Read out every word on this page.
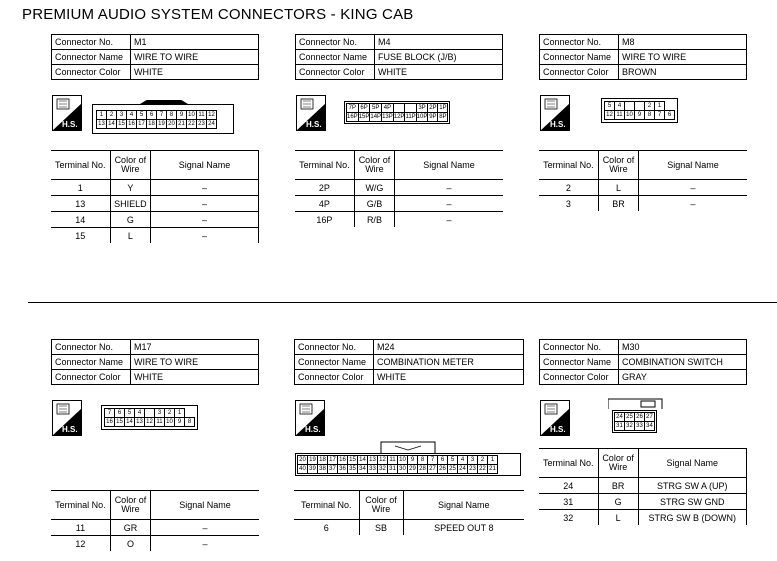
PREMIUM AUDIO SYSTEM CONNECTORS - KING CAB
Connector No.	M1
Connector Name	WIRE TO WIRE
Connector Color	WHITE
H.S.
1	2	3	4	5	6	7	8	9	10	11	12
13	14	15	16	17	18	19	20	21	22	23	24
Terminal No.	Color of Wire	Signal Name
1	Y	–
13	SHIELD	–
14	G	–
15	L	–
Connector No.	M4
Connector Name	FUSE BLOCK (J/B)
Connector Color	WHITE
H.S.
7P	6P	5P	4P			3P	2P	1P
16P	15P	14P	13P	12P	11P	10P	9P	8P
Terminal No.	Color of Wire	Signal Name
2P	W/G	–
4P	G/B	–
16P	R/B	–
Connector No.	M8
Connector Name	WIRE TO WIRE
Connector Color	BROWN
H.S.
5	4			2	1	
12	11	10	9	8	7	6
Terminal No.	Color of Wire	Signal Name
2	L	–
3	BR	–
Connector No.	M17
Connector Name	WIRE TO WIRE
Connector Color	WHITE
H.S.
7	6	5	4		3	2	1	
16	15	14	13	12	11	10	9	8
Terminal No.	Color of Wire	Signal Name
11	GR	–
12	O	–
Connector No.	M24
Connector Name	COMBINATION METER
Connector Color	WHITE
H.S.
20	19	18	17	16	15	14	13	12	11	10	9	8	7	6	5	4	3	2	1
40	39	38	37	36	35	34	33	32	31	30	29	28	27	26	25	24	23	22	21
Terminal No.	Color of Wire	Signal Name
6	SB	SPEED OUT 8
Connector No.	M30
Connector Name	COMBINATION SWITCH
Connector Color	GRAY
H.S.
24	25	26	27
31	32	33	34
Terminal No.	Color of Wire	Signal Name
24	BR	STRG SW A (UP)
31	G	STRG SW GND
32	L	STRG SW B (DOWN)
